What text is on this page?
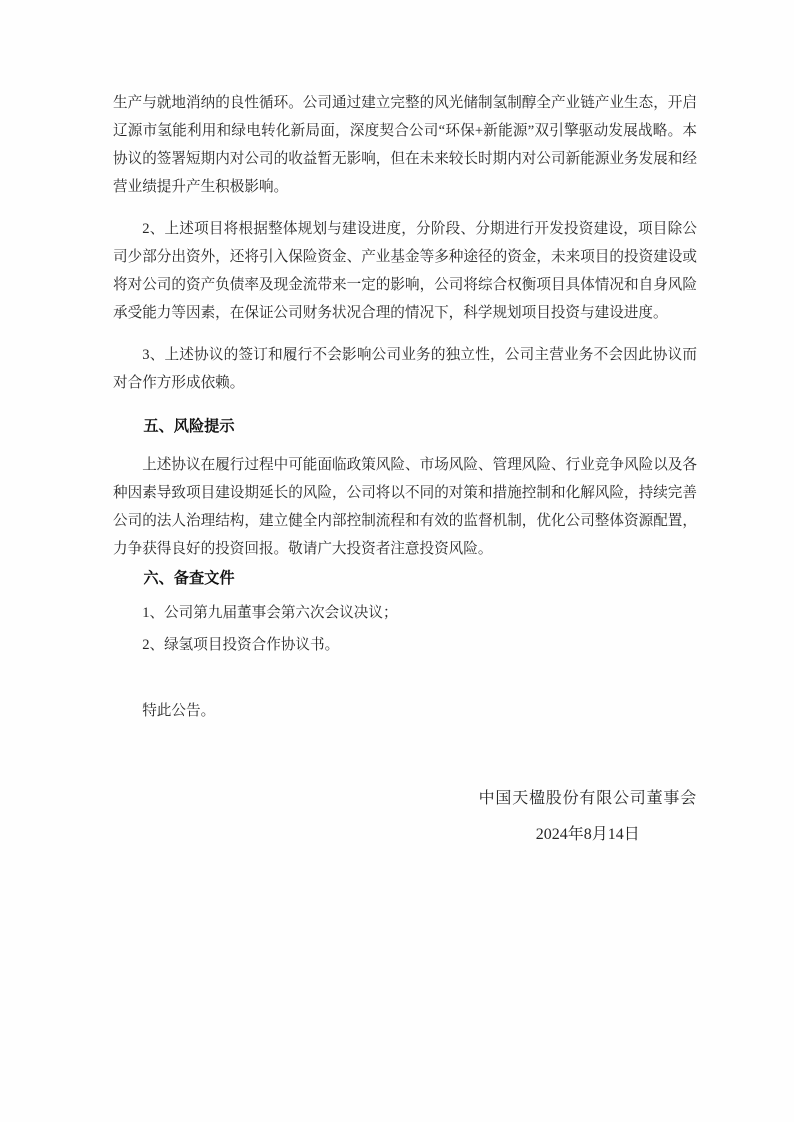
生产与就地消纳的良性循环。公司通过建立完整的风光储制氢制醇全产业链产业生态，开启辽源市氢能利用和绿电转化新局面，深度契合公司“环保+新能源”双引擎驱动发展战略。本协议的签署短期内对公司的收益暂无影响，但在未来较长时期内对公司新能源业务发展和经营业绩提升产生积极影响。

2、上述项目将根据整体规划与建设进度，分阶段、分期进行开发投资建设，项目除公司少部分出资外，还将引入保险资金、产业基金等多种途径的资金，未来项目的投资建设或将对公司的资产负债率及现金流带来一定的影响，公司将综合权衡项目具体情况和自身风险承受能力等因素，在保证公司财务状况合理的情况下，科学规划项目投资与建设进度。

3、上述协议的签订和履行不会影响公司业务的独立性，公司主营业务不会因此协议而对合作方形成依赖。

五、风险提示

上述协议在履行过程中可能面临政策风险、市场风险、管理风险、行业竞争风险以及各种因素导致项目建设期延长的风险，公司将以不同的对策和措施控制和化解风险，持续完善公司的法人治理结构，建立健全内部控制流程和有效的监督机制，优化公司整体资源配置，力争获得良好的投资回报。敬请广大投资者注意投资风险。

六、备查文件

1、公司第九届董事会第六次会议决议；

2、绿氢项目投资合作协议书。

特此公告。

中国天楹股份有限公司董事会
2024年8月14日
